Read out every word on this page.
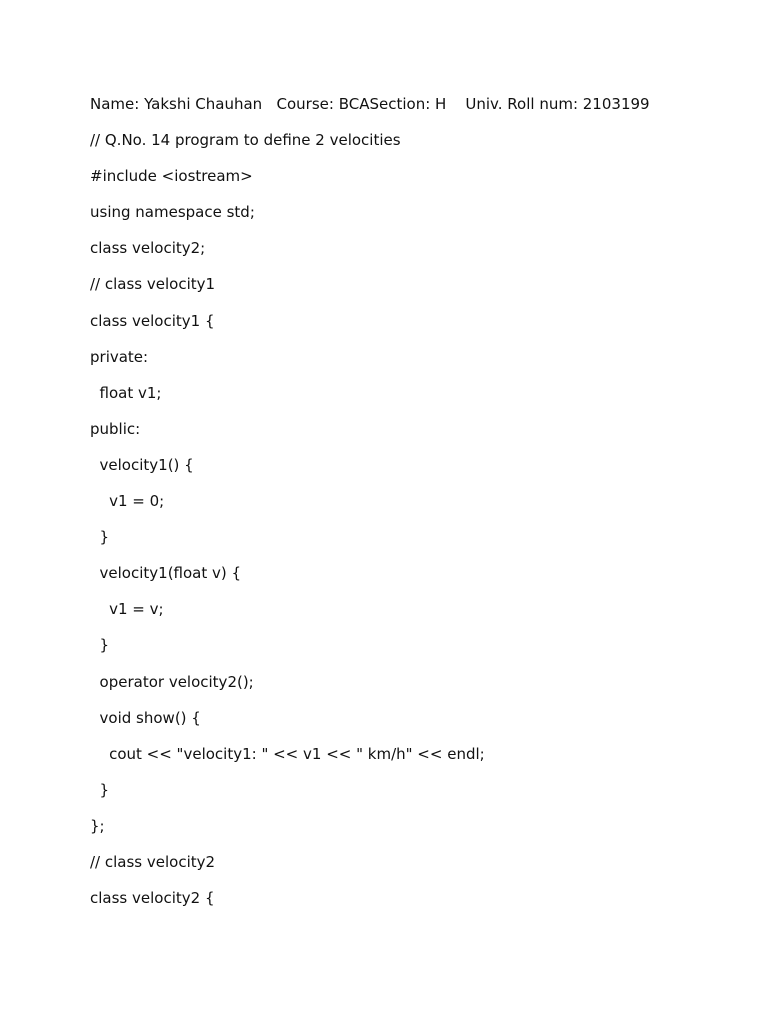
Name: Yakshi Chauhan Course: BCASection: H Univ. Roll num: 2103199
// Q.No. 14 program to define 2 velocities
#include <iostream>
using namespace std;
class velocity2;
// class velocity1
class velocity1 {
private:
float v1;
public:
velocity1() {
v1 = 0;
}
velocity1(float v) {
v1 = v;
}
operator velocity2();
void show() {
cout << "velocity1: " << v1 << " km/h" << endl;
}
};
// class velocity2
class velocity2 {
